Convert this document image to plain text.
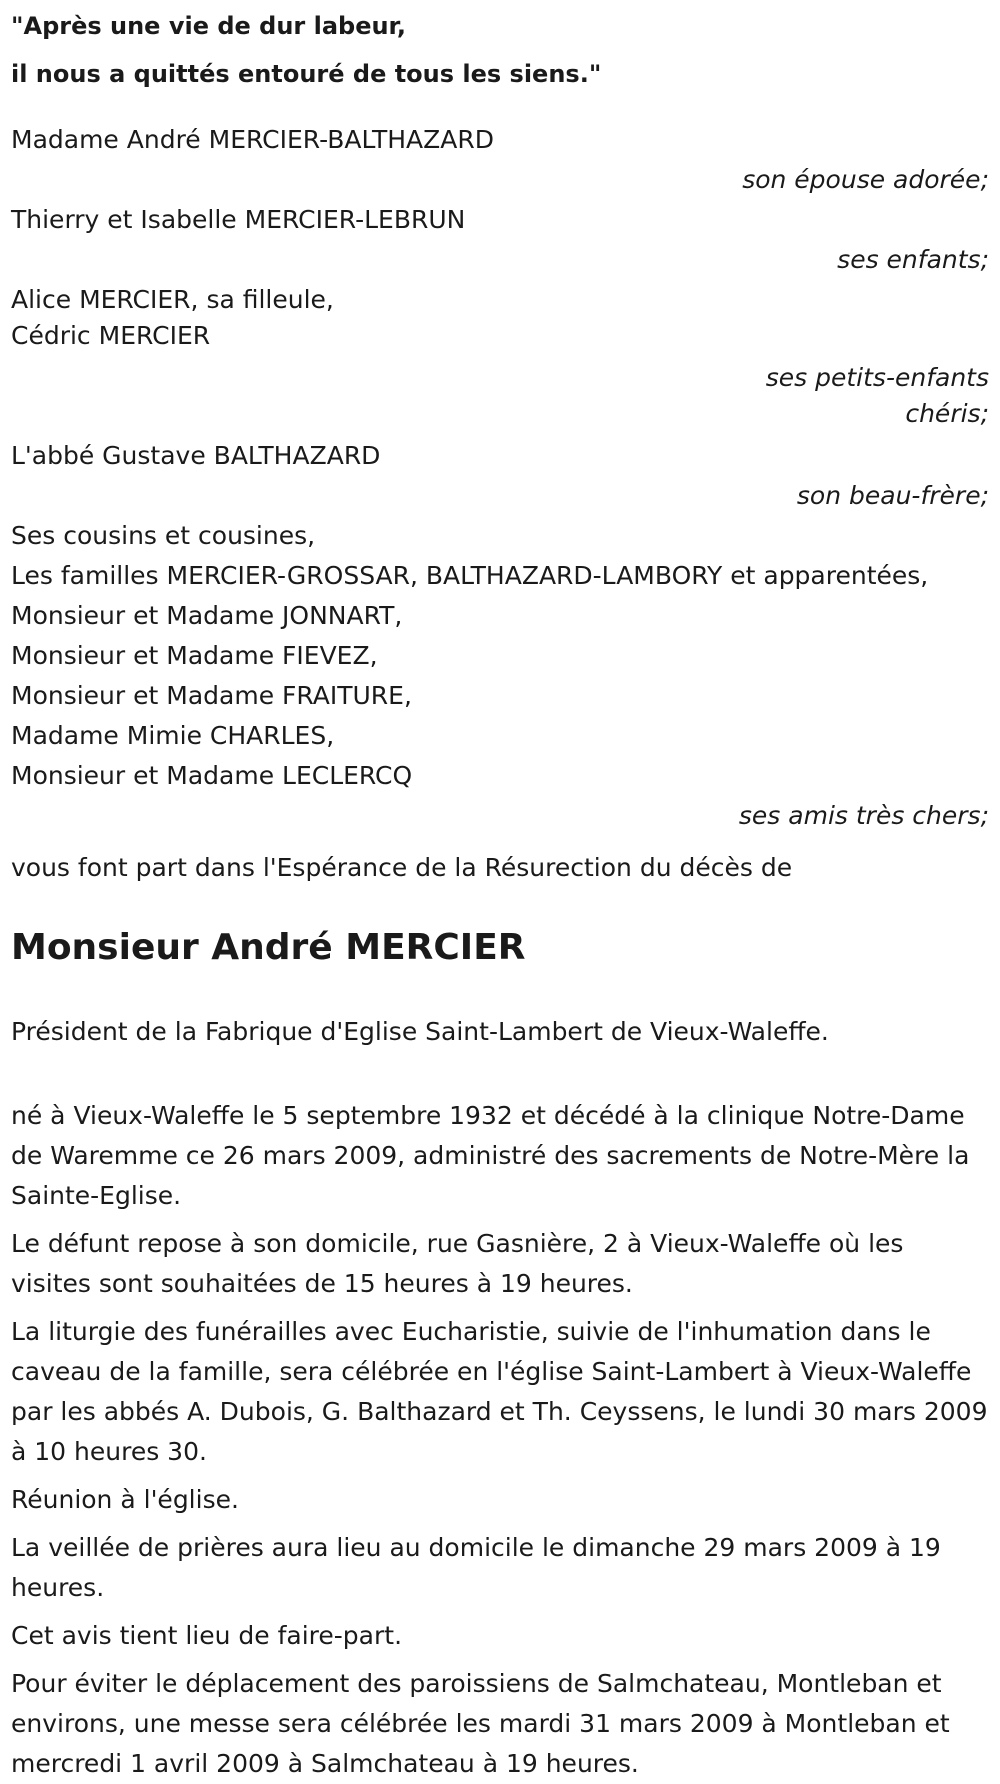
"Après une vie de dur labeur,
il nous a quittés entouré de tous les siens."

Madame André MERCIER-BALTHAZARD

son épouse adorée;

Thierry et Isabelle MERCIER-LEBRUN

ses enfants;

Alice MERCIER, sa filleule,

Cédric MERCIER

ses petits-enfants

chéris;

L'abbé Gustave BALTHAZARD

son beau-frère;

Ses cousins et cousines,

Les familles MERCIER-GROSSAR, BALTHAZARD-LAMBORY et apparentées,

Monsieur et Madame JONNART,

Monsieur et Madame FIEVEZ,

Monsieur et Madame FRAITURE,

Madame Mimie CHARLES,

Monsieur et Madame LECLERCQ

ses amis très chers;

vous font part dans l'Espérance de la Résurection du décès de

Monsieur André MERCIER

Président de la Fabrique d'Eglise Saint-Lambert de Vieux-Waleffe.

né à Vieux-Waleffe le 5 septembre 1932 et décédé à la clinique Notre-Dame de Waremme ce 26 mars 2009, administré des sacrements de Notre-Mère la Sainte-Eglise.

Le défunt repose à son domicile, rue Gasnière, 2 à Vieux-Waleffe où les visites sont souhaitées de 15 heures à 19 heures.

La liturgie des funérailles avec Eucharistie, suivie de l'inhumation dans le caveau de la famille, sera célébrée en l'église Saint-Lambert à Vieux-Waleffe par les abbés A. Dubois, G. Balthazard et Th. Ceyssens, le lundi 30 mars 2009 à 10 heures 30.

Réunion à l'église.

La veillée de prières aura lieu au domicile le dimanche 29 mars 2009 à 19 heures.

Cet avis tient lieu de faire-part.

Pour éviter le déplacement des paroissiens de Salmchateau, Montleban et environs, une messe sera célébrée les mardi 31 mars 2009 à Montleban et mercredi 1 avril 2009 à Salmchateau à 19 heures.
